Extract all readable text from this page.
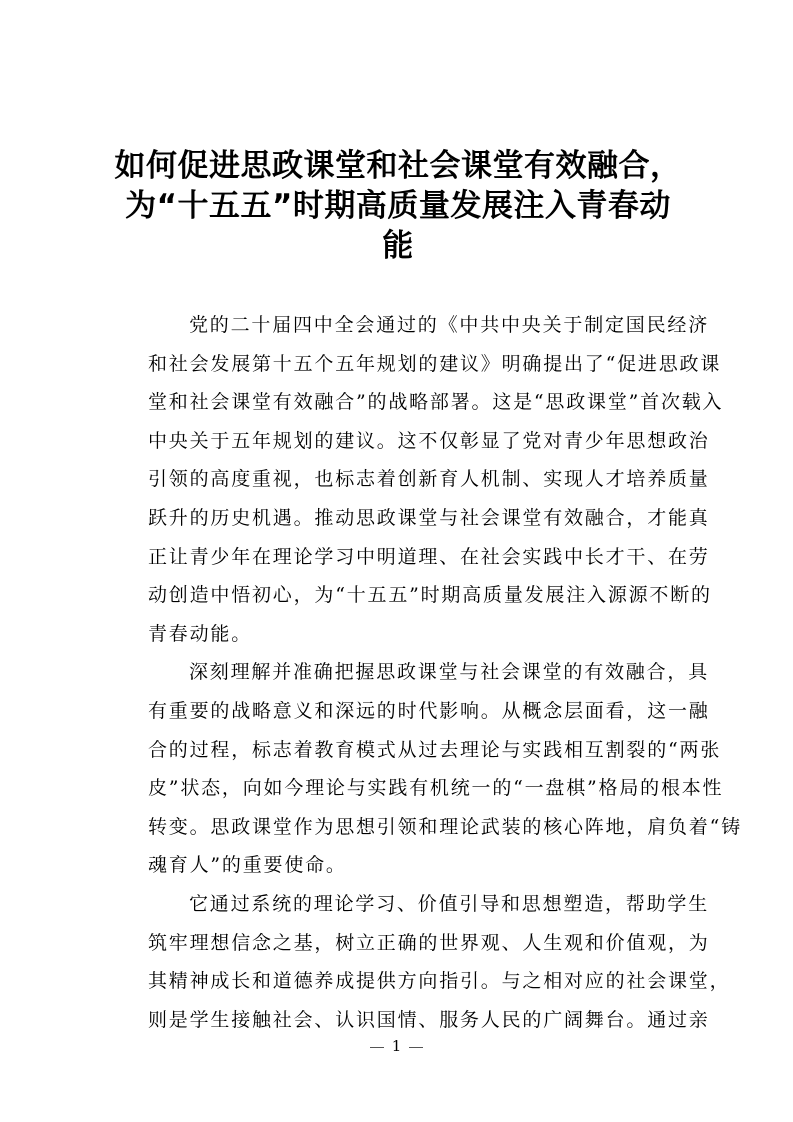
如何促进思政课堂和社会课堂有效融合，
为“十五五”时期高质量发展注入青春动
能
党的二十届四中全会通过的《中共中央关于制定国民经济
和社会发展第十五个五年规划的建议》明确提出了“促进思政课
堂和社会课堂有效融合”的战略部署。这是“思政课堂”首次载入
中央关于五年规划的建议。这不仅彰显了党对青少年思想政治
引领的高度重视，也标志着创新育人机制、实现人才培养质量
跃升的历史机遇。推动思政课堂与社会课堂有效融合，才能真
正让青少年在理论学习中明道理、在社会实践中长才干、在劳
动创造中悟初心，为“十五五”时期高质量发展注入源源不断的
青春动能。
深刻理解并准确把握思政课堂与社会课堂的有效融合，具
有重要的战略意义和深远的时代影响。从概念层面看，这一融
合的过程，标志着教育模式从过去理论与实践相互割裂的“两张
皮”状态，向如今理论与实践有机统一的“一盘棋”格局的根本性
转变。思政课堂作为思想引领和理论武装的核心阵地，肩负着“铸
魂育人”的重要使命。
它通过系统的理论学习、价值引导和思想塑造，帮助学生
筑牢理想信念之基，树立正确的世界观、人生观和价值观，为
其精神成长和道德养成提供方向指引。与之相对应的社会课堂，
则是学生接触社会、认识国情、服务人民的广阔舞台。通过亲
1
